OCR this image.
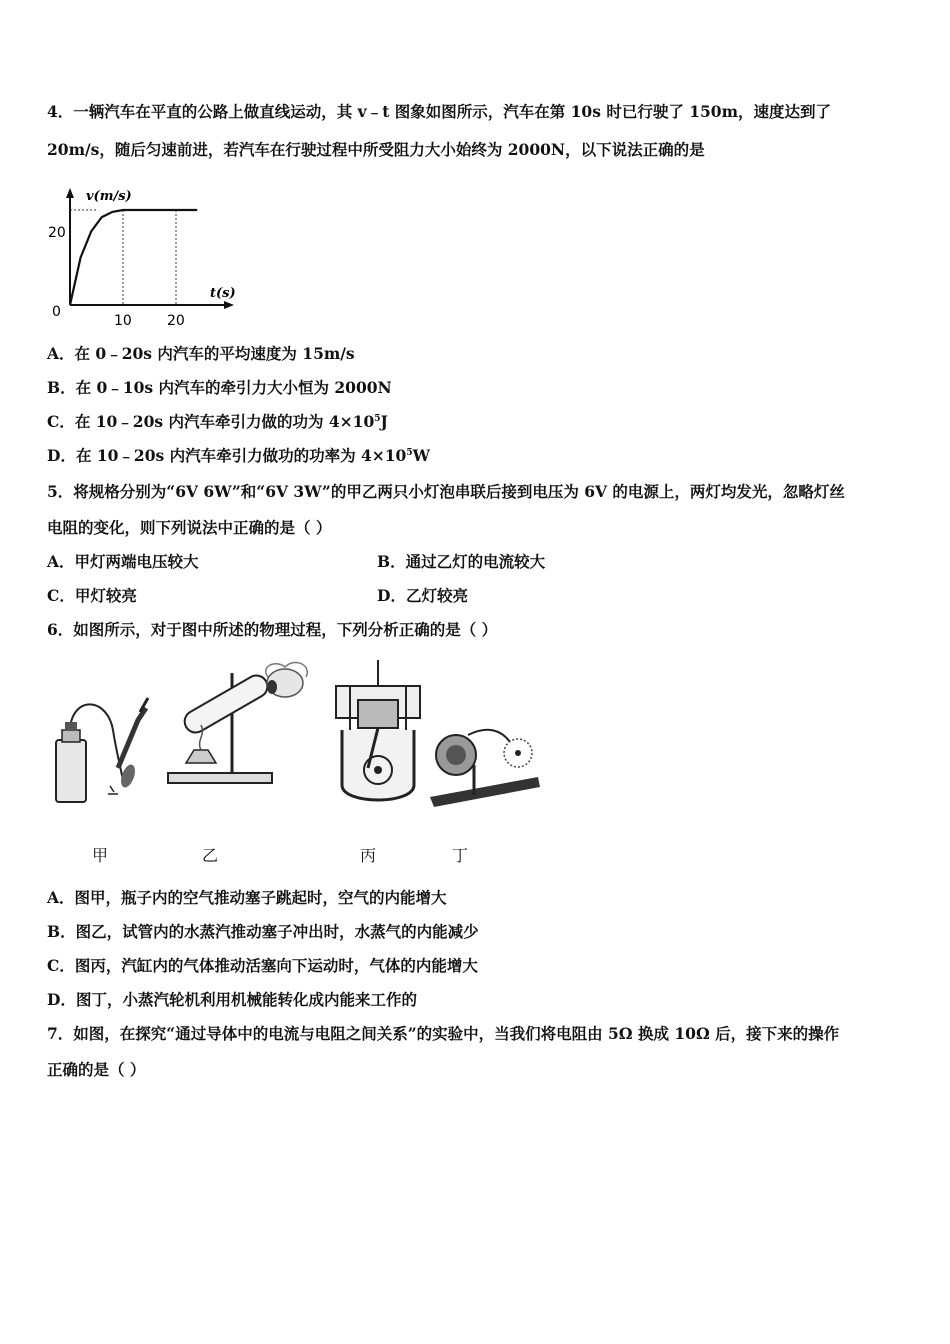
4．一辆汽车在平直的公路上做直线运动，其 v﹣t 图象如图所示，汽车在第 10s 时已行驶了 150m，速度达到了
20m/s，随后匀速前进，若汽车在行驶过程中所受阻力大小始终为 2000N，以下说法正确的是
v(m/s)
t(s)
20
0
10	20
A．在 0﹣20s 内汽车的平均速度为 15m/s
B．在 0﹣10s 内汽车的牵引力大小恒为 2000N
C．在 10﹣20s 内汽车牵引力做的功为 $4\times 10^5J$
D．在 10﹣20s 内汽车牵引力做功的功率为 $4\times 10^5W$
5．将规格分别为“6V 6W”和“6V 3W”的甲乙两只小灯泡串联后接到电压为 6V 的电源上，两灯均发光，忽略灯丝
电阻的变化，则下列说法中正确的是（ ）
A．甲灯两端电压较大	B．通过乙灯的电流较大
C．甲灯较亮	D．乙灯较亮
6．如图所示，对于图中所述的物理过程，下列分析正确的是（ ）
甲	乙	丙	丁
A．图甲，瓶子内的空气推动塞子跳起时，空气的内能增大
B．图乙，试管内的水蒸汽推动塞子冲出时，水蒸气的内能减少
C．图丙，汽缸内的气体推动活塞向下运动时，气体的内能增大
D．图丁，小蒸汽轮机利用机械能转化成内能来工作的
7．如图，在探究“通过导体中的电流与电阻之间关系”的实验中，当我们将电阻由 5Ω 换成 10Ω 后，接下来的操作
正确的是（ ）
